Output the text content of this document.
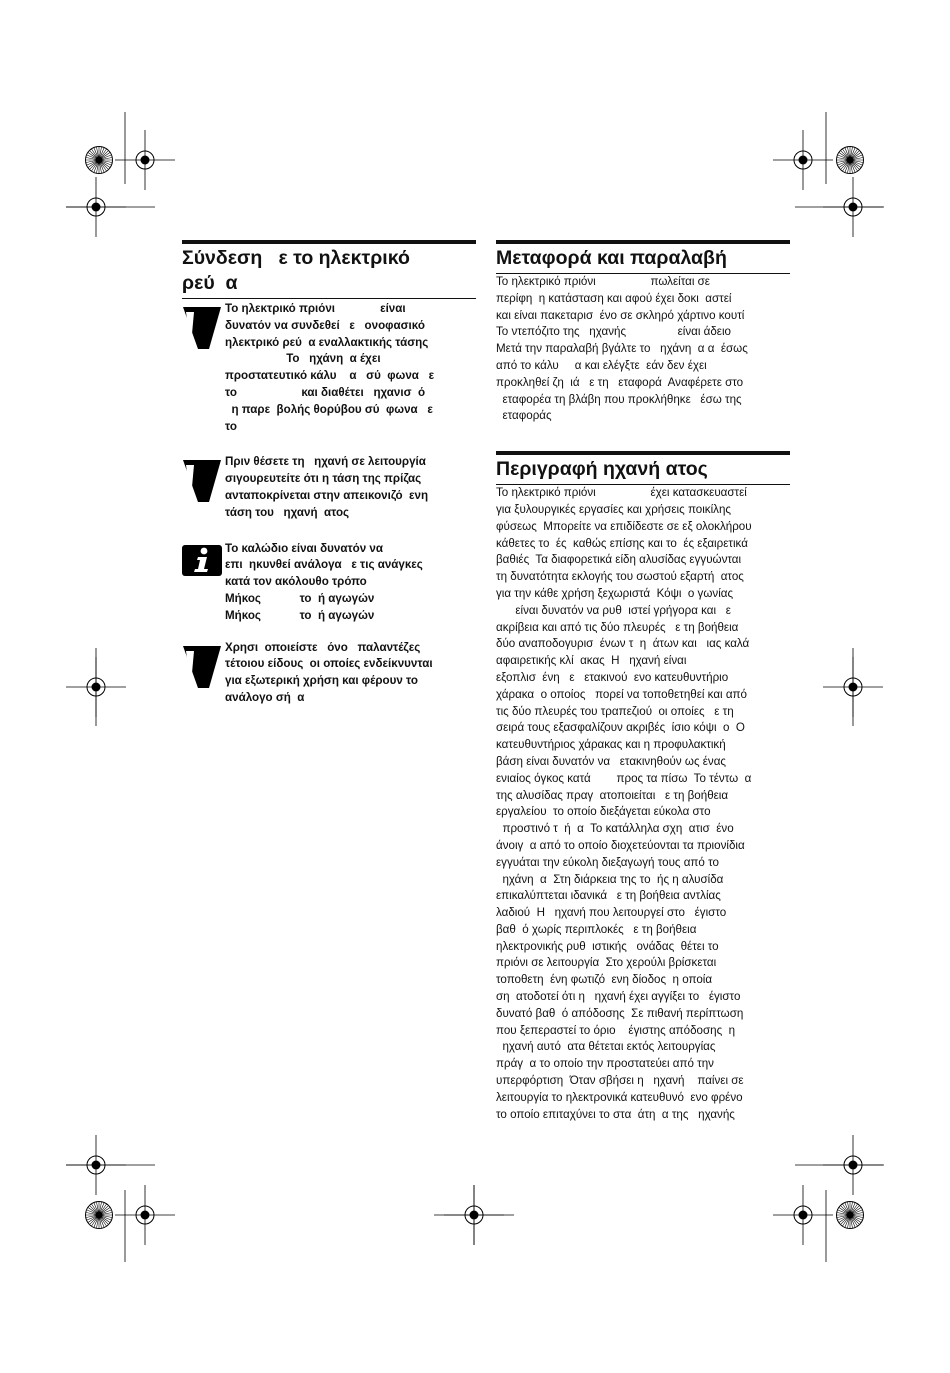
Σύνδεση   ε το ηλεκτρικό
ρεύ  α

Το ηλεκτρικό πριόνι              είναι
δυνατόν να συνδεθεί   ε   ονοφασικό
ηλεκτρικό ρεύ  α εναλλακτικής τάσης
Το   ηχάνη  α έχει
προστατευτικό κάλυ    α   σύ  φωνα   ε
το                    και διαθέτει   ηχανισ  ό
η παρε  βολής θορύβου σύ  φωνα   ε
το

Πριν θέσετε τη   ηχανή σε λειτουργία
σιγουρευτείτε ότι η τάση της πρίζας
ανταποκρίνεται στην απεικονιζό  ενη
τάση του   ηχανή  ατος

Το καλώδιο είναι δυνατόν να
επι  ηκυνθεί ανάλογα   ε τις ανάγκες
κατά τον ακόλουθο τρόπο
Μήκος            το  ή αγωγών
Μήκος            το  ή αγωγών

Χρησι  οποιείστε   όνο   παλαντέζες
τέτοιου είδους  οι οποίες ενδείκνυνται
για εξωτερική χρήση και φέρουν το
ανάλογο σή  α

Μεταφορά και παραλαβή

Το ηλεκτρικό πριόνι                 πωλείται σε
περίφη  η κατάσταση και αφού έχει δοκι  αστεί
και είναι πακεταρισ  ένο σε σκληρό χάρτινο κουτί
Το ντεπόζιτο της   ηχανής                είναι άδειο
Μετά την παραλαβή βγάλτε το   ηχάνη  α α  έσως
από το κάλυ     α και ελέγξτε  εάν δεν έχει
προκληθεί ζη  ιά   ε τη   εταφορά  Αναφέρετε στο
εταφορέα τη βλάβη που προκλήθηκε   έσω της
εταφοράς

Περιγραφή ηχανή ατος

Το ηλεκτρικό πριόνι                 έχει κατασκευαστεί
για ξυλουργικές εργασίες και χρήσεις ποικίλης
φύσεως  Μπορείτε να επιδίδεστε σε εξ ολοκλήρου
κάθετες το  ές  καθώς επίσης και το  ές εξαιρετικά
βαθιές  Τα διαφορετικά είδη αλυσίδας εγγυώνται
τη δυνατότητα εκλογής του σωστού εξαρτή  ατος
για την κάθε χρήση ξεχωριστά  Κόψι  ο γωνίας
είναι δυνατόν να ρυθ  ιστεί γρήγορα και   ε
ακρίβεια και από τις δύο πλευρές   ε τη βοήθεια
δύο αναποδογυρισ  ένων τ  η  άτων και   ιας καλά
αφαιρετικής κλί  ακας  Η   ηχανή είναι
εξοπλισ  ένη   ε   ετακινού  ενο κατευθυντήριο
χάρακα  ο οποίος   πορεί να τοποθετηθεί και από
τις δύο πλευρές του τραπεζιού  οι οποίες   ε τη
σειρά τους εξασφαλίζουν ακριβές  ίσιο κόψι  ο  Ο
κατευθυντήριος χάρακας και η προφυλακτική
βάση είναι δυνατόν να   ετακινηθούν ως ένας
ενιαίος όγκος κατά        προς τα πίσω  Το τέντω  α
της αλυσίδας πραγ  ατοποιείται   ε τη βοήθεια
εργαλείου  το οποίο διεξάγεται εύκολα στο
προστινό τ  ή  α  Το κατάλληλα σχη  ατισ  ένο
άνοιγ  α από το οποίο διοχετεύονται τα πριονίδια
εγγυάται την εύκολη διεξαγωγή τους από το
ηχάνη  α  Στη διάρκεια της το  ής η αλυσίδα
επικαλύπτεται ιδανικά   ε τη βοήθεια αντλίας
λαδιού  Η   ηχανή που λειτουργεί στο   έγιστο
βαθ  ό χωρίς περιπλοκές   ε τη βοήθεια
ηλεκτρονικής ρυθ  ιστικής   ονάδας  θέτει το
πριόνι σε λειτουργία  Στο χερούλι βρίσκεται
τοποθετη  ένη φωτιζό  ενη δίοδος  η οποία
ση  ατοδοτεί ότι η   ηχανή έχει αγγίξει το   έγιστο
δυνατό βαθ  ό απόδοσης  Σε πιθανή περίπτωση
που ξεπεραστεί το όριο    έγιστης απόδοσης  η
ηχανή αυτό  ατα θέτεται εκτός λειτουργίας
πράγ  α το οποίο την προστατεύει από την
υπερφόρτιση  Όταν σβήσει η   ηχανή    παίνει σε
λειτουργία το ηλεκτρονικά κατευθυνό  ενο φρένο
το οποίο επιταχύνει το στα  άτη  α της   ηχανής
